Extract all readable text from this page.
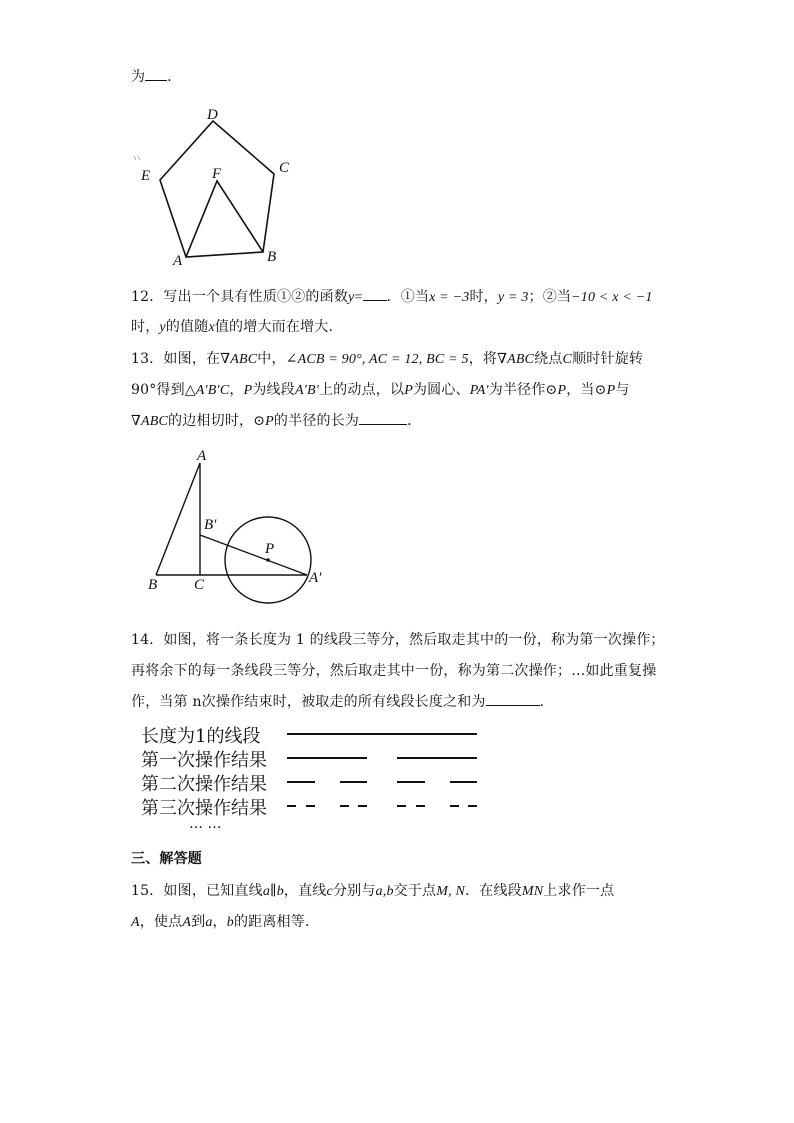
为 ．
D
C
E	F
A	B
12．写出一个具有性质①②的函数y= ．①当x = −3时，y = 3；②当−10 < x < −1
时，y的值随x值的增大而在增大．
13．如图，在∇ABC中，∠ACB = 90°, AC = 12, BC = 5，将∇ABC绕点C顺时针旋转
90°得到△A′B′C，P为线段A′B′上的动点，以P为圆心、PA′为半径作⊙P，当⊙P与
∇ABC的边相切时，⊙P的半径的长为	．
A
B′
P
B C	A′
14．如图，将一条长度为 1 的线段三等分，然后取走其中的一份，称为第一次操作；
再将余下的每一条线段三等分，然后取走其中一份，称为第二次操作；…如此重复操
作，当第 n次操作结束时，被取走的所有线段长度之和为	．
长度为1的线段
第一次操作结果
第二次操作结果
第三次操作结果
… …
三、解答题
15．如图，已知直线a∥b，直线c分别与a,b交于点M, N．在线段MN上求作一点
A，使点A到a，b的距离相等．
